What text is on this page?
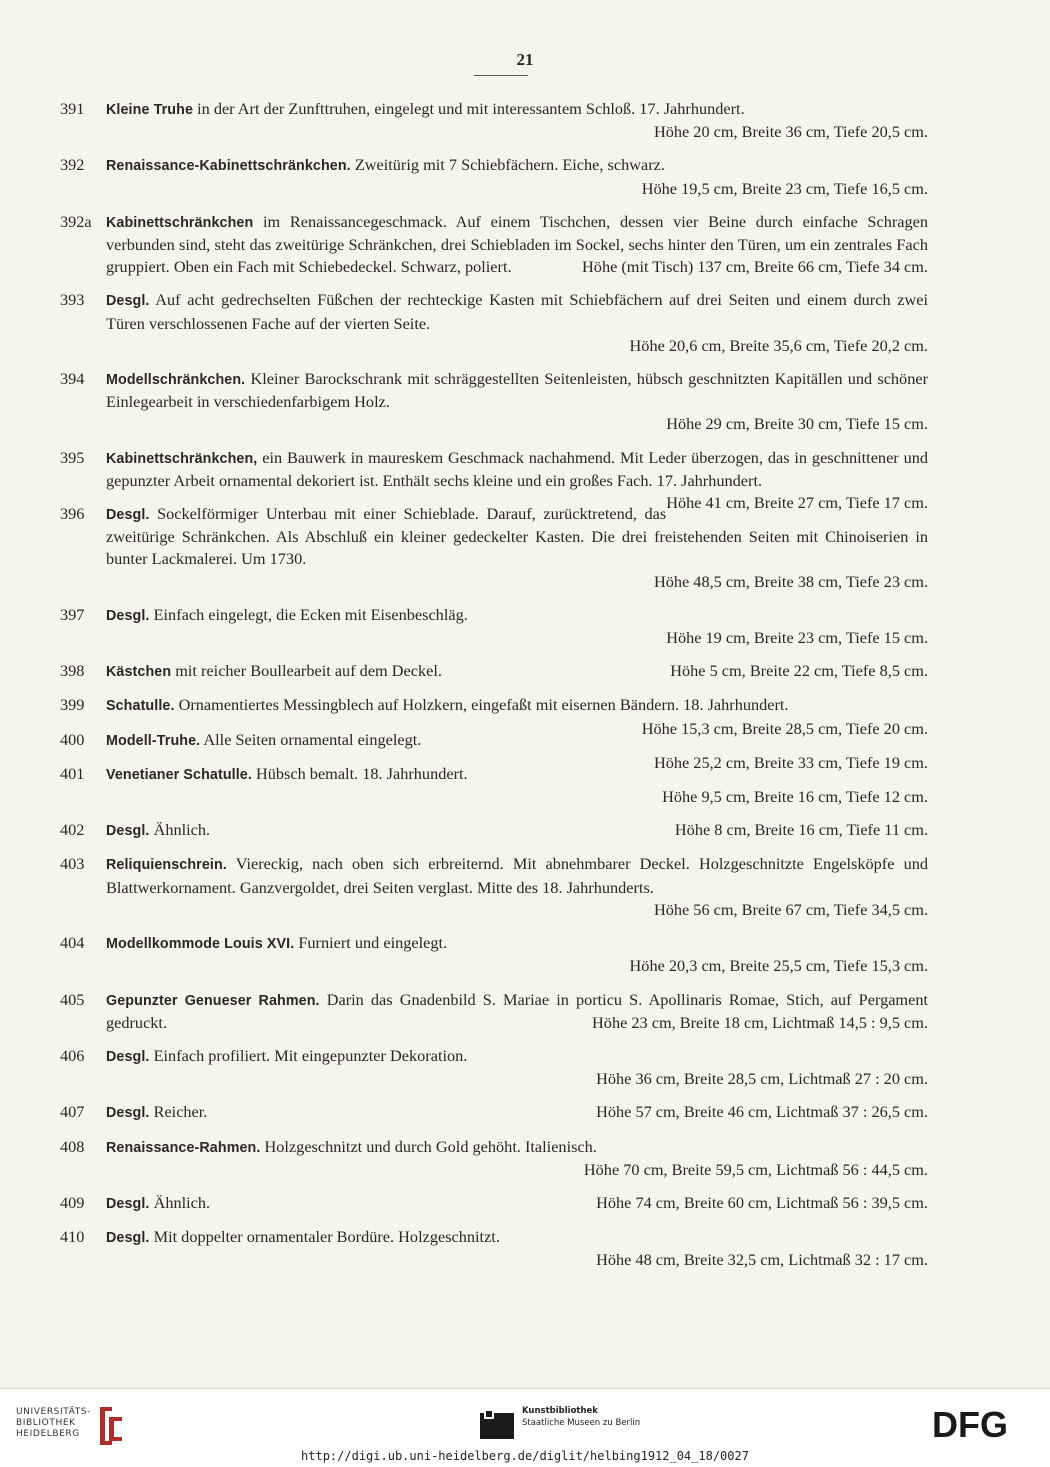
21
391 Kleine Truhe in der Art der Zunfttruhen, eingelegt und mit interessantem Schloß. 17. Jahrhundert.
Höhe 20 cm, Breite 36 cm, Tiefe 20,5 cm.
392 Renaissance-Kabinettschränkchen. Zweitürig mit 7 Schiebfächern. Eiche, schwarz.
Höhe 19,5 cm, Breite 23 cm, Tiefe 16,5 cm.
392a Kabinettschränkchen im Renaissancegeschmack. Auf einem Tischchen, dessen vier Beine durch einfache Schragen verbunden sind, steht das zweitürige Schränkchen, drei Schiebladen im Sockel, sechs hinter den Türen, um ein zentrales Fach gruppiert. Oben ein Fach mit Schiebedeckel. Schwarz, poliert.	Höhe (mit Tisch) 137 cm, Breite 66 cm, Tiefe 34 cm.
393 Desgl. Auf acht gedrechselten Füßchen der rechteckige Kasten mit Schiebfächern auf drei Seiten und einem durch zwei Türen verschlossenen Fache auf der vierten Seite.
Höhe 20,6 cm, Breite 35,6 cm, Tiefe 20,2 cm.
394 Modellschränkchen. Kleiner Barockschrank mit schräggestellten Seitenleisten, hübsch geschnitzten Kapitällen und schöner Einlegearbeit in verschiedenfarbigem Holz.
Höhe 29 cm, Breite 30 cm, Tiefe 15 cm.
395 Kabinettschränkchen, ein Bauwerk in maureskem Geschmack nachahmend. Mit Leder überzogen, das in geschnittener und gepunzter Arbeit ornamental dekoriert ist. Enthält sechs kleine und ein großes Fach. 17. Jahrhundert.
Höhe 41 cm, Breite 27 cm, Tiefe 17 cm.
396 Desgl. Sockelförmiger Unterbau mit einer Schieblade. Darauf, zurücktretend, das zweitürige Schränkchen. Als Abschluß ein kleiner gedeckelter Kasten. Die drei freistehenden Seiten mit Chinoiserien in bunter Lackmalerei. Um 1730.
Höhe 48,5 cm, Breite 38 cm, Tiefe 23 cm.
397 Desgl. Einfach eingelegt, die Ecken mit Eisenbeschläg.
Höhe 19 cm, Breite 23 cm, Tiefe 15 cm.
398 Kästchen mit reicher Boullearbeit auf dem Deckel.	Höhe 5 cm, Breite 22 cm, Tiefe 8,5 cm.
399 Schatulle. Ornamentiertes Messingblech auf Holzkern, eingefaßt mit eisernen Bändern. 18. Jahrhundert.
Höhe 15,3 cm, Breite 28,5 cm, Tiefe 20 cm.
400 Modell-Truhe. Alle Seiten ornamental eingelegt.
Höhe 25,2 cm, Breite 33 cm, Tiefe 19 cm.
401 Venetianer Schatulle. Hübsch bemalt. 18. Jahrhundert.
Höhe 9,5 cm, Breite 16 cm, Tiefe 12 cm.
402 Desgl. Ähnlich.	Höhe 8 cm, Breite 16 cm, Tiefe 11 cm.
403 Reliquienschrein. Viereckig, nach oben sich erbreiternd. Mit abnehmbarer Deckel. Holzgeschnitzte Engelsköpfe und Blattwerkornament. Ganzvergoldet, drei Seiten verglast. Mitte des 18. Jahrhunderts.
Höhe 56 cm, Breite 67 cm, Tiefe 34,5 cm.
404 Modellkommode Louis XVI. Furniert und eingelegt.
Höhe 20,3 cm, Breite 25,5 cm, Tiefe 15,3 cm.
405 Gepunzter Genueser Rahmen. Darin das Gnadenbild S. Mariae in porticu S. Apollinaris Romae, Stich, auf Pergament gedruckt.	Höhe 23 cm, Breite 18 cm, Lichtmaß 14,5 : 9,5 cm.
406 Desgl. Einfach profiliert. Mit eingepunzter Dekoration.
Höhe 36 cm, Breite 28,5 cm, Lichtmaß 27 : 20 cm.
407 Desgl. Reicher.	Höhe 57 cm, Breite 46 cm, Lichtmaß 37 : 26,5 cm.
408 Renaissance-Rahmen. Holzgeschnitzt und durch Gold gehöht. Italienisch.
Höhe 70 cm, Breite 59,5 cm, Lichtmaß 56 : 44,5 cm.
409 Desgl. Ähnlich.	Höhe 74 cm, Breite 60 cm, Lichtmaß 56 : 39,5 cm.
410 Desgl. Mit doppelter ornamentaler Bordüre. Holzgeschnitzt.
Höhe 48 cm, Breite 32,5 cm, Lichtmaß 32 : 17 cm.
UNIVERSITÄTS-
BIBLIOTHEK
HEIDELBERG
Kunstbibliothek
Staatliche Museen zu Berlin	DFG
http://digi.ub.uni-heidelberg.de/diglit/helbing1912_04_18/0027
